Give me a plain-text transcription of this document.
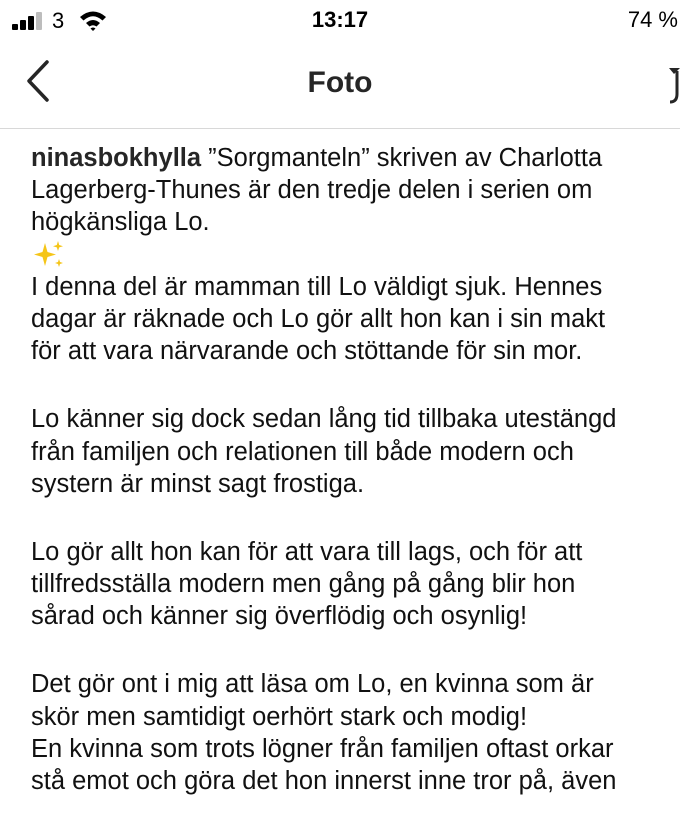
3	13:17	74 %
Foto
ninasbokhylla ”Sorgmanteln” skriven av Charlotta
Lagerberg-Thunes är den tredje delen i serien om
högkänsliga Lo.
I denna del är mamman till Lo väldigt sjuk. Hennes
dagar är räknade och Lo gör allt hon kan i sin makt
för att vara närvarande och stöttande för sin mor.
Lo känner sig dock sedan lång tid tillbaka utestängd
från familjen och relationen till både modern och
systern är minst sagt frostiga.
Lo gör allt hon kan för att vara till lags, och för att
tillfredsställa modern men gång på gång blir hon
sårad och känner sig överflödig och osynlig!
Det gör ont i mig att läsa om Lo, en kvinna som är
skör men samtidigt oerhört stark och modig!
En kvinna som trots lögner från familjen oftast orkar
stå emot och göra det hon innerst inne tror på, även
